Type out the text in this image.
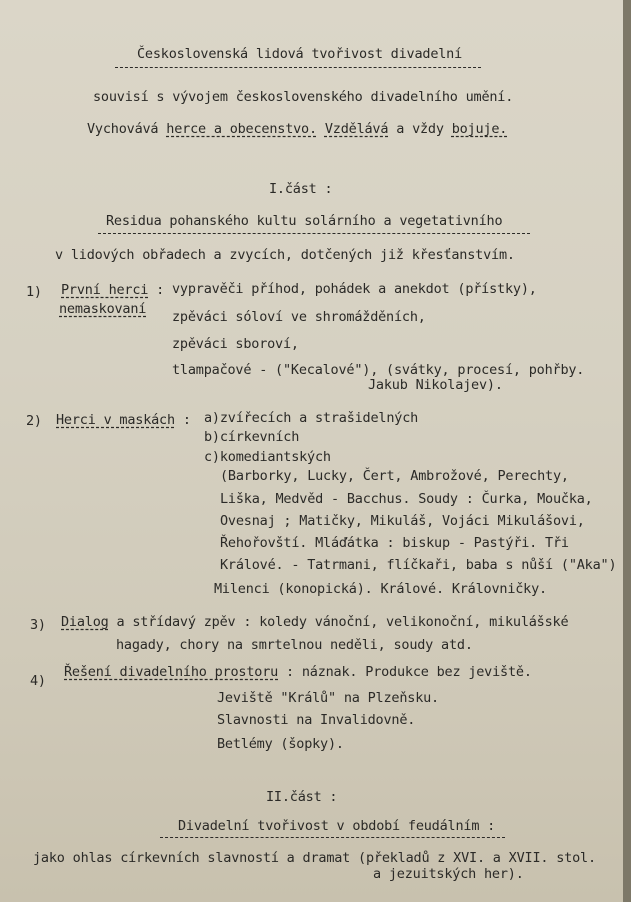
Československá lidová tvořivost divadelní
souvisí s vývojem československého divadelního umění.
Vychovává herce a obecenstvo. Vzdělává a vždy bojuje.
I.část :
Residua pohanského kultu solárního a vegetativního
v lidových obřadech a zvycích, dotčených již křesťanstvím.
1) První herci :
nemaskovaní
vypravěči příhod, pohádek a anekdot (přístky),
zpěváci sóloví ve shromážděních,
zpěváci sboroví,
tlampačové - ("Kecalové"), (svátky, procesí, pohřby.
Jakub Nikolajev).
2) Herci v maskách : a)zvířecích a strašidelných
b)církevních
c)komediantských
(Barborky, Lucky, Čert, Ambrožové, Perechty,
Liška, Medvěd - Bacchus. Soudy : Čurka, Moučka,
Ovesnaj ; Matičky, Mikuláš, Vojáci Mikulášovi,
Řehořovští. Mláďátka : biskup - Pastýři. Tři
Králové. - Tatrmani, flíčkaři, baba s nůší ("Aka")
Milenci (konopická). Králové. Královničky.
3) Dialog a střídavý zpěv : koledy vánoční, velikonoční, mikulášské
hagady, chory na smrtelnou neděli, soudy atd.
4)
Řešení divadelního prostoru : náznak. Produkce bez jeviště.
Jeviště "Králů" na Plzeňsku.
Slavnosti na Invalidovně.
Betlémy (šopky).
II.část :
Divadelní tvořivost v období feudálním :
jako ohlas církevních slavností a dramat (překladů z XVI. a XVII. stol.
a jezuitských her).
